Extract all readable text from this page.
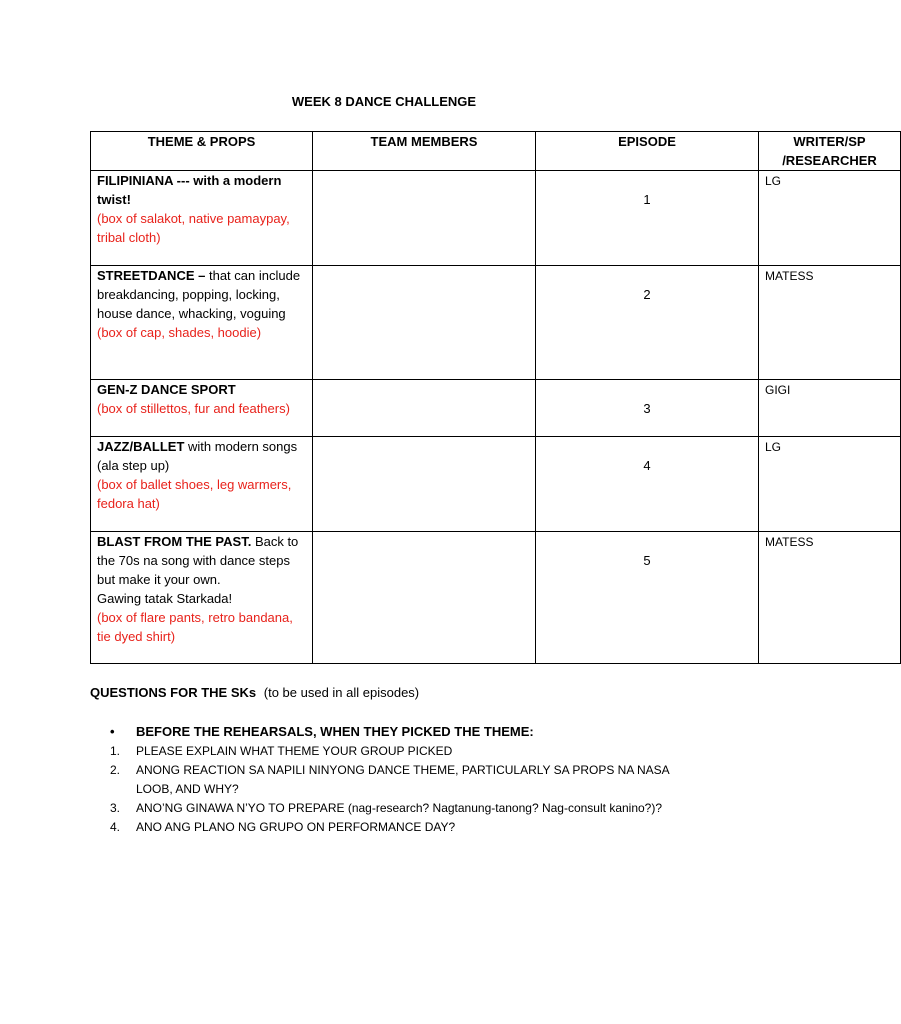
WEEK 8 DANCE CHALLENGE
THEME & PROPS	TEAM MEMBERS	EPISODE	WRITER/SP
/RESEARCHER
FILIPINIANA --- with a modern twist!
(box of salakot, native pamaypay, tribal cloth)		1	LG

STREETDANCE – that can include breakdancing, popping, locking, house dance, whacking, voguing (box of cap, shades, hoodie)		2	MATESS

GEN-Z DANCE SPORT
(box of stillettos, fur and feathers)		3	GIGI

JAZZ/BALLET with modern songs (ala step up)
(box of ballet shoes, leg warmers, fedora hat)		4	LG

BLAST FROM THE PAST. Back to the 70s na song with dance steps but make it your own.
Gawing tatak Starkada!
(box of flare pants, retro bandana, tie dyed shirt)		5	MATESS
QUESTIONS FOR THE SKs (to be used in all episodes)
• BEFORE THE REHEARSALS, WHEN THEY PICKED THE THEME:
1. PLEASE EXPLAIN WHAT THEME YOUR GROUP PICKED
2. ANONG REACTION SA NAPILI NINYONG DANCE THEME, PARTICULARLY SA PROPS NA NASA LOOB, AND WHY?
3. ANO’NG GINAWA N’YO TO PREPARE (nag-research? Nagtanung-tanong? Nag-consult kanino?)?
4. ANO ANG PLANO NG GRUPO ON PERFORMANCE DAY?
